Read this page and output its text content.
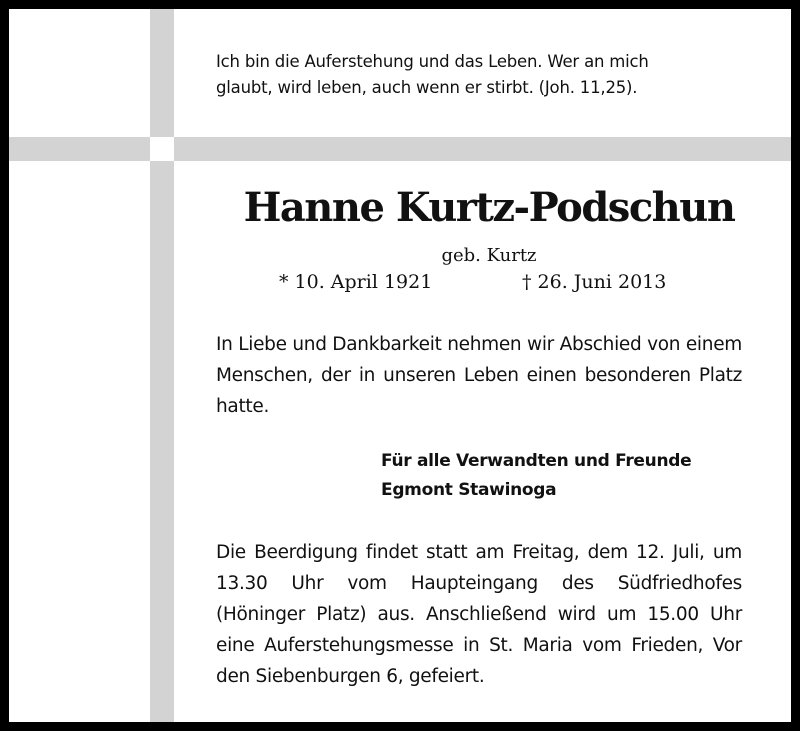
Ich bin die Auferstehung und das Leben. Wer an mich
glaubt, wird leben, auch wenn er stirbt. (Joh. 11,25).
Hanne Kurtz-Podschun
geb. Kurtz
* 10. April 1921	† 26. Juni 2013
In Liebe und Dankbarkeit nehmen wir Abschied von einem Menschen, der in unseren Leben einen besonderen Platz hatte.
Für alle Verwandten und Freunde
Egmont Stawinoga
Die Beerdigung findet statt am Freitag, dem 12. Juli, um 13.30 Uhr vom Haupteingang des Südfriedhofes (Höninger Platz) aus. Anschließend wird um 15.00 Uhr eine Auferstehungsmesse in St. Maria vom Frieden, Vor den Siebenburgen 6, gefeiert.
